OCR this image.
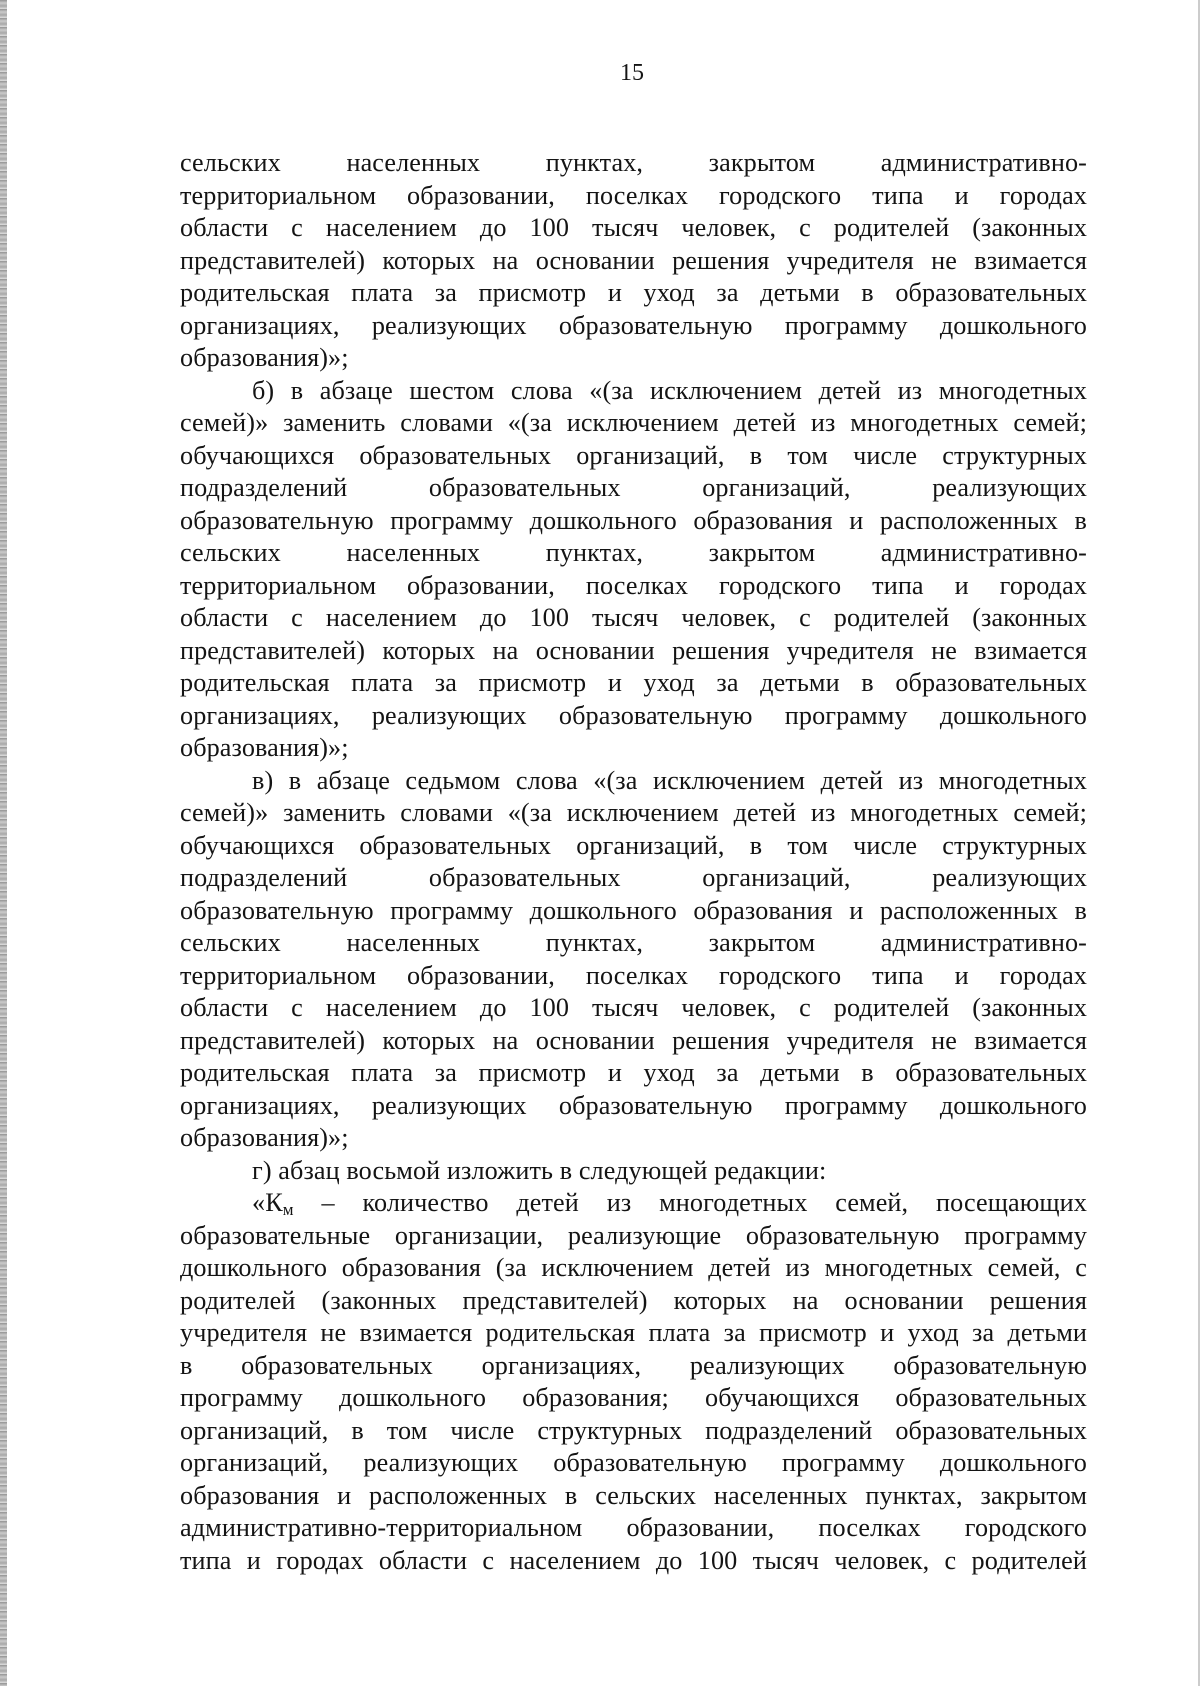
15
сельских населенных пунктах, закрытом административно-
территориальном образовании, поселках городского типа и городах
области с населением до 100 тысяч человек, с родителей (законных
представителей) которых на основании решения учредителя не взимается
родительская плата за присмотр и уход за детьми в образовательных
организациях, реализующих образовательную программу дошкольного
образования)»;
б) в абзаце шестом слова «(за исключением детей из многодетных
семей)» заменить словами «(за исключением детей из многодетных семей;
обучающихся образовательных организаций, в том числе структурных
подразделений образовательных организаций, реализующих
образовательную программу дошкольного образования и расположенных в
сельских населенных пунктах, закрытом административно-
территориальном образовании, поселках городского типа и городах
области с населением до 100 тысяч человек, с родителей (законных
представителей) которых на основании решения учредителя не взимается
родительская плата за присмотр и уход за детьми в образовательных
организациях, реализующих образовательную программу дошкольного
образования)»;
в) в абзаце седьмом слова «(за исключением детей из многодетных
семей)» заменить словами «(за исключением детей из многодетных семей;
обучающихся образовательных организаций, в том числе структурных
подразделений образовательных организаций, реализующих
образовательную программу дошкольного образования и расположенных в
сельских населенных пунктах, закрытом административно-
территориальном образовании, поселках городского типа и городах
области с населением до 100 тысяч человек, с родителей (законных
представителей) которых на основании решения учредителя не взимается
родительская плата за присмотр и уход за детьми в образовательных
организациях, реализующих образовательную программу дошкольного
образования)»;
г) абзац восьмой изложить в следующей редакции:
«$К_м$ – количество детей из многодетных семей, посещающих
образовательные организации, реализующие образовательную программу
дошкольного образования (за исключением детей из многодетных семей, с
родителей (законных представителей) которых на основании решения
учредителя не взимается родительская плата за присмотр и уход за детьми
в образовательных организациях, реализующих образовательную
программу дошкольного образования; обучающихся образовательных
организаций, в том числе структурных подразделений образовательных
организаций, реализующих образовательную программу дошкольного
образования и расположенных в сельских населенных пунктах, закрытом
административно-территориальном образовании, поселках городского
типа и городах области с населением до 100 тысяч человек, с родителей
